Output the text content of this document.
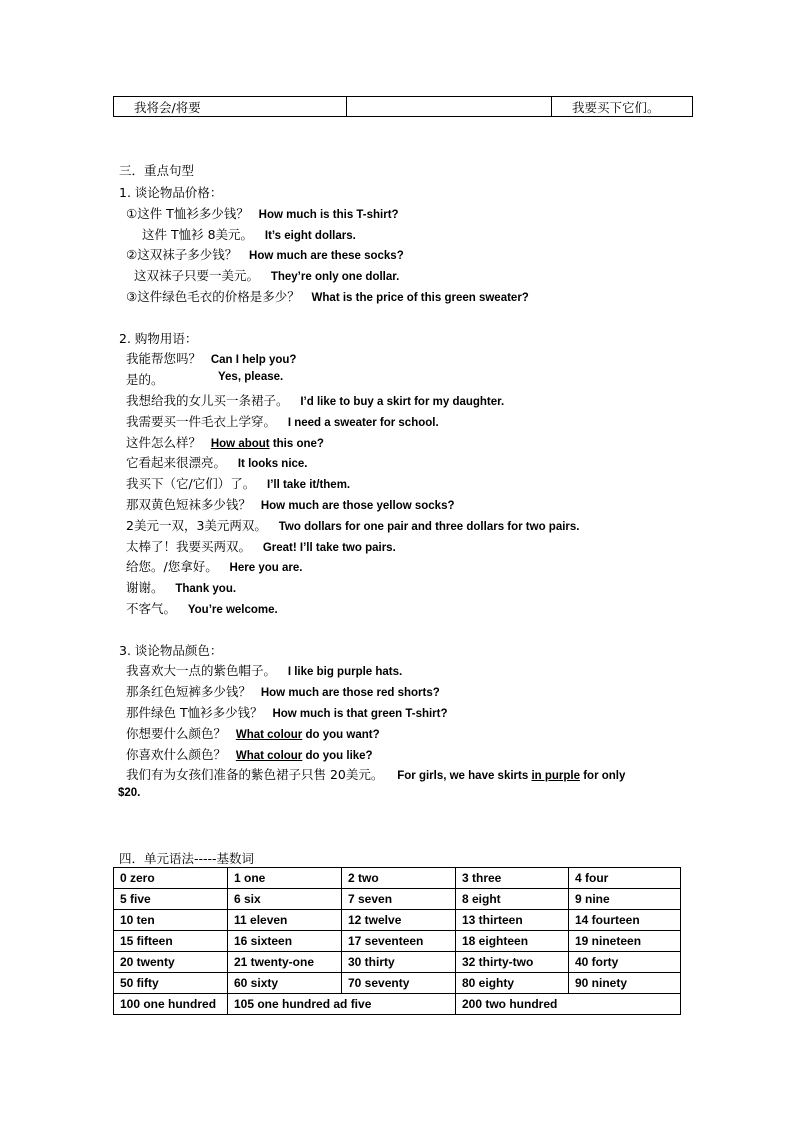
我将会/将要		我要买下它们。
三．重点句型
1. 谈论物品价格：
①这件 T恤衫多少钱？ How much is this T-shirt?
这件 T恤衫 8美元。 It’s eight dollars.
②这双袜子多少钱？ How much are these socks?
这双袜子只要一美元。 They’re only one dollar.
③这件绿色毛衣的价格是多少？ What is the price of this green sweater?
2. 购物用语：
我能帮您吗？ Can I help you?
是的。	Yes, please.
我想给我的女儿买一条裙子。 I’d like to buy a skirt for my daughter.
我需要买一件毛衣上学穿。 I need a sweater for school.
这件怎么样？ How about this one?
它看起来很漂亮。 It looks nice.
我买下（它/它们）了。 I’ll take it/them.
那双黄色短袜多少钱？ How much are those yellow socks?
2美元一双，3美元两双。 Two dollars for one pair and three dollars for two pairs.
太棒了！我要买两双。 Great! I’ll take two pairs.
给您。/您拿好。 Here you are.
谢谢。 Thank you.
不客气。 You’re welcome.
3. 谈论物品颜色：
我喜欢大一点的紫色帽子。 I like big purple hats.
那条红色短裤多少钱？ How much are those red shorts?
那件绿色 T恤衫多少钱？ How much is that green T-shirt?
你想要什么颜色？ What colour do you want?
你喜欢什么颜色？ What colour do you like?
我们有为女孩们准备的紫色裙子只售 20美元。 For girls, we have skirts in purple for only
$20.
四．单元语法-----基数词
0 zero	1 one	2 two	3 three	4 four
5 five	6 six	7 seven	8 eight	9 nine
10 ten	11 eleven	12 twelve	13 thirteen	14 fourteen
15 fifteen	16 sixteen	17 seventeen	18 eighteen	19 nineteen
20 twenty	21 twenty-one	30 thirty	32 thirty-two	40 forty
50 fifty	60 sixty	70 seventy	80 eighty	90 ninety
100 one hundred	105 one hundred ad five		200 two hundred	
